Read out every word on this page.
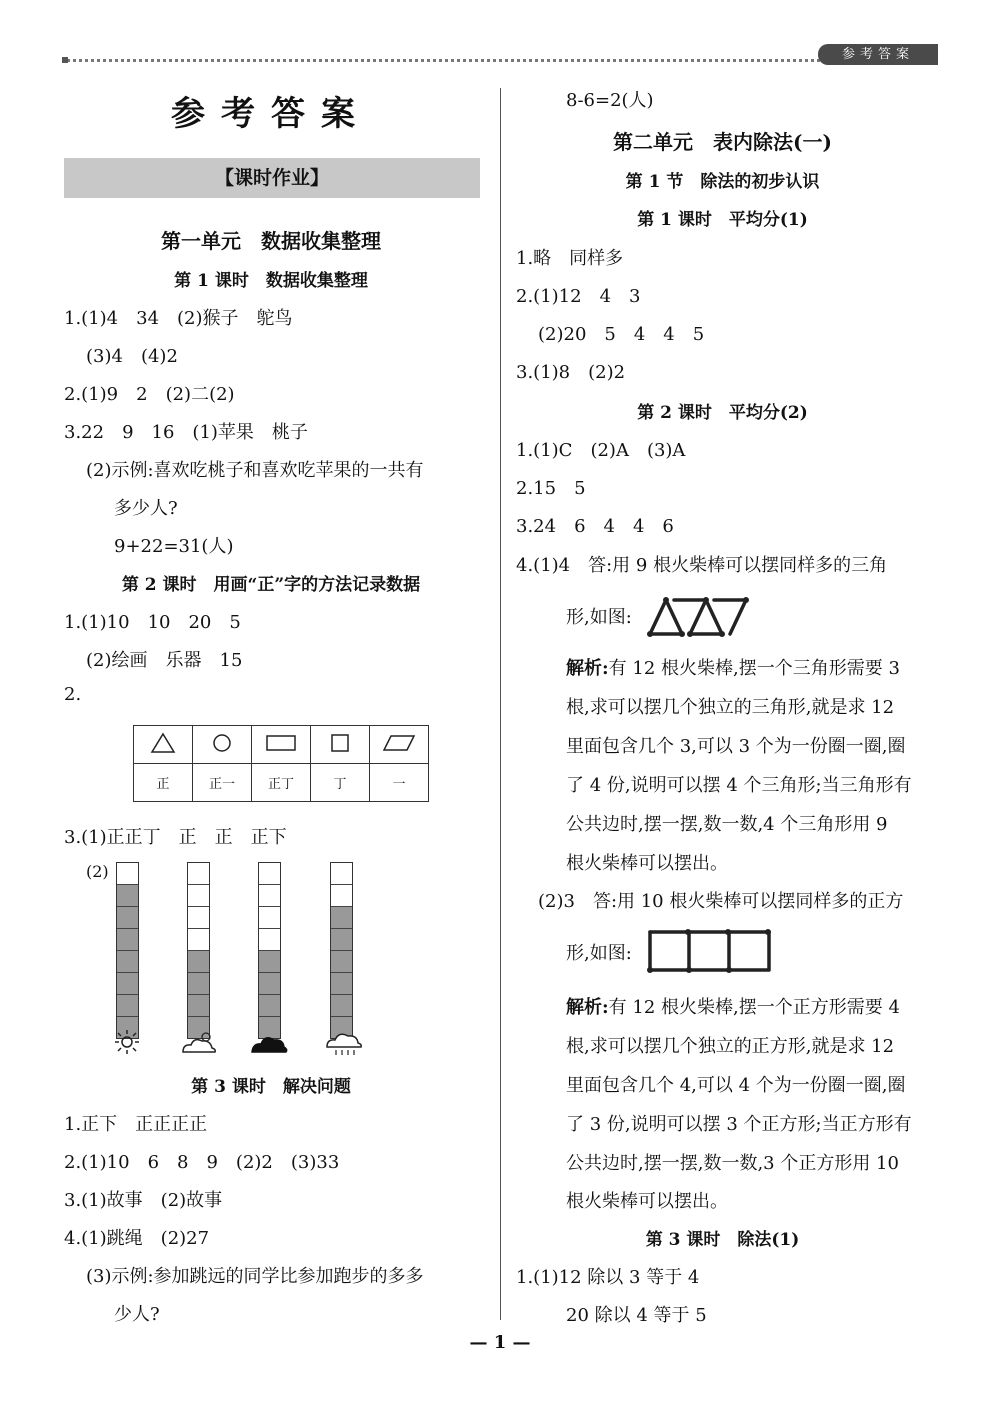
参考答案
参考答案
【课时作业】
第一单元　数据收集整理
第 1 课时　数据收集整理
1.(1)4　34　(2)猴子　鸵鸟
(3)4　(4)2
2.(1)9　2　(2)二(2)
3.22　9　16　(1)苹果　桃子
(2)示例:喜欢吃桃子和喜欢吃苹果的一共有
多少人?
9+22=31(人)
第 2 课时　用画“正”字的方法记录数据
1.(1)10　10　20　5
(2)绘画　乐器　15
2.

正	正一	正丁	丁	一
3.(1)正正丁　正　正　正下
(2)
第 3 课时　解决问题
1.正下　正正正正
2.(1)10　6　8　9　(2)2　(3)33
3.(1)故事　(2)故事
4.(1)跳绳　(2)27
(3)示例:参加跳远的同学比参加跑步的多多
少人?
8-6=2(人)
第二单元　表内除法(一)
第 1 节　除法的初步认识
第 1 课时　平均分(1)
1.略　同样多
2.(1)12　4　3
(2)20　5　4　4　5
3.(1)8　(2)2
第 2 课时　平均分(2)
1.(1)C　(2)A　(3)A
2.15　5
3.24　6　4　4　6
4.(1)4　答:用 9 根火柴棒可以摆同样多的三角
形,如图:
解析:有 12 根火柴棒,摆一个三角形需要 3
根,求可以摆几个独立的三角形,就是求 12
里面包含几个 3,可以 3 个为一份圈一圈,圈
了 4 份,说明可以摆 4 个三角形;当三角形有
公共边时,摆一摆,数一数,4 个三角形用 9
根火柴棒可以摆出。
(2)3　答:用 10 根火柴棒可以摆同样多的正方
形,如图:
解析:有 12 根火柴棒,摆一个正方形需要 4
根,求可以摆几个独立的正方形,就是求 12
里面包含几个 4,可以 4 个为一份圈一圈,圈
了 3 份,说明可以摆 3 个正方形;当正方形有
公共边时,摆一摆,数一数,3 个正方形用 10
根火柴棒可以摆出。
第 3 课时　除法(1)
1.(1)12 除以 3 等于 4
20 除以 4 等于 5
— 1 —
